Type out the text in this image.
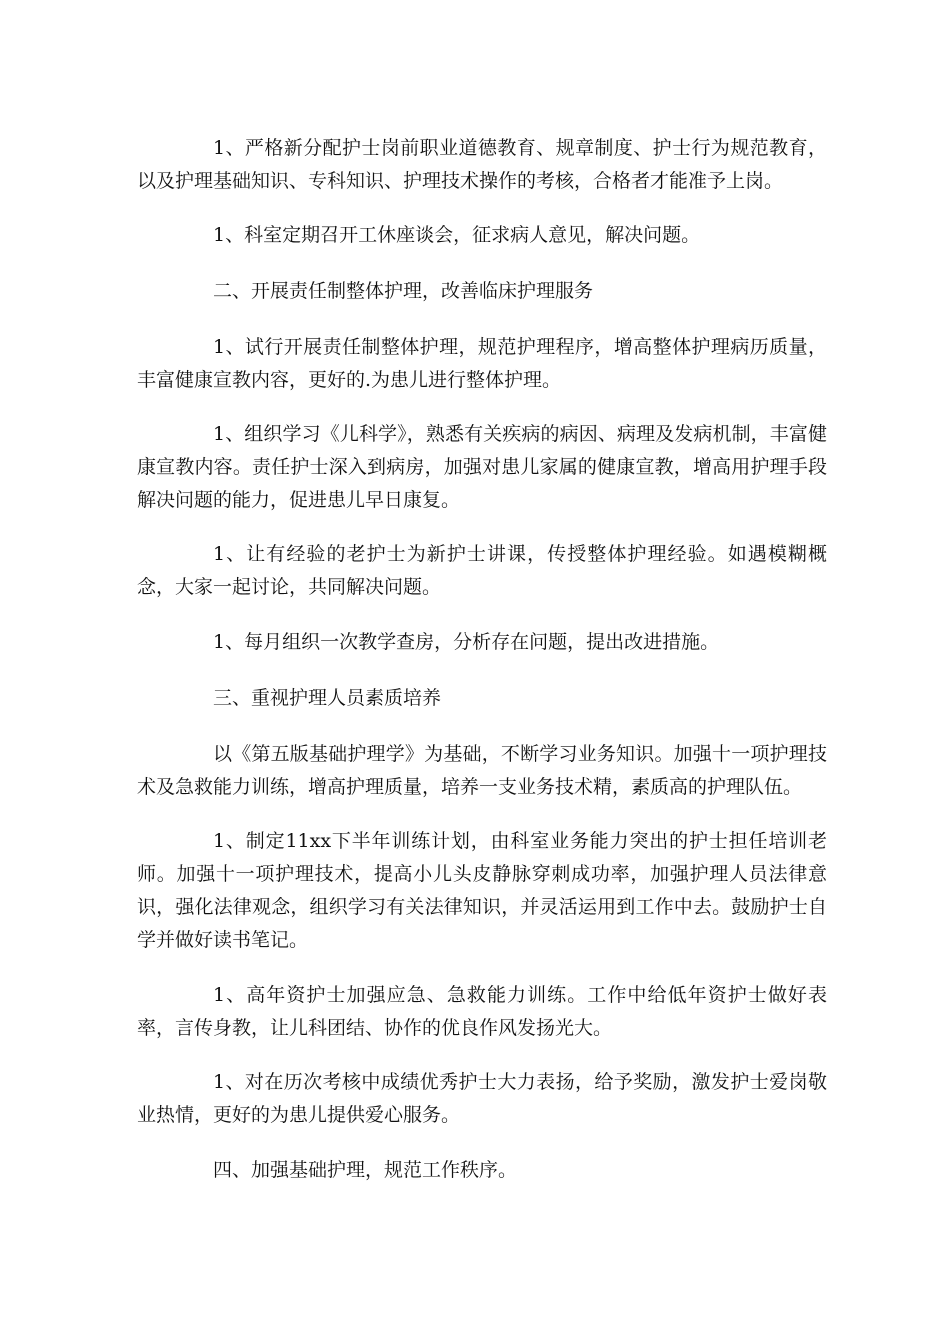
1、严格新分配护士岗前职业道德教育、规章制度、护士行为规范教育，以及护理基础知识、专科知识、护理技术操作的考核，合格者才能准予上岗。

1、科室定期召开工休座谈会，征求病人意见，解决问题。

二、开展责任制整体护理，改善临床护理服务

1、试行开展责任制整体护理，规范护理程序，增高整体护理病历质量，丰富健康宣教内容，更好的.为患儿进行整体护理。

1、组织学习《儿科学》，熟悉有关疾病的病因、病理及发病机制，丰富健康宣教内容。责任护士深入到病房，加强对患儿家属的健康宣教，增高用护理手段解决问题的能力，促进患儿早日康复。

1、让有经验的老护士为新护士讲课，传授整体护理经验。如遇模糊概念，大家一起讨论，共同解决问题。

1、每月组织一次教学查房，分析存在问题，提出改进措施。

三、重视护理人员素质培养

以《第五版基础护理学》为基础，不断学习业务知识。加强十一项护理技术及急救能力训练，增高护理质量，培养一支业务技术精，素质高的护理队伍。

1、制定11xx下半年训练计划，由科室业务能力突出的护士担任培训老师。加强十一项护理技术，提高小儿头皮静脉穿刺成功率，加强护理人员法律意识，强化法律观念，组织学习有关法律知识，并灵活运用到工作中去。鼓励护士自学并做好读书笔记。

1、高年资护士加强应急、急救能力训练。工作中给低年资护士做好表率，言传身教，让儿科团结、协作的优良作风发扬光大。

1、对在历次考核中成绩优秀护士大力表扬，给予奖励，激发护士爱岗敬业热情，更好的为患儿提供爱心服务。

四、加强基础护理，规范工作秩序。
